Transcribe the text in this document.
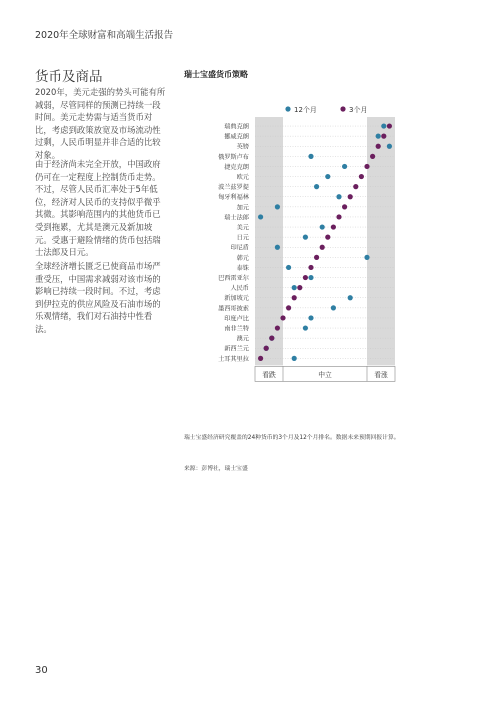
2020年全球财富和高端生活报告
货币及商品

2020年，美元走强的势头可能有所减弱，尽管同样的预测已持续一段时间。美元走势需与适当货币对比，考虑到政策放宽及市场流动性过剩，人民币明显并非合适的比较对象。

由于经济尚未完全开放，中国政府仍可在一定程度上控制货币走势。不过，尽管人民币汇率处于5年低位，经济对人民币的支持似乎微乎其微。其影响范围内的其他货币已受到拖累，尤其是澳元及新加坡元。受惠于避险情绪的货币包括瑞士法郎及日元。

全球经济增长匮乏已使商品市场严重受压，中国需求减弱对该市场的影响已持续一段时间。不过，考虑到伊拉克的供应风险及石油市场的乐观情绪，我们对石油持中性看法。

瑞士宝盛货币策略
12个月	3个月
瑞典克朗
挪威克朗
英镑
俄罗斯卢布
捷克克朗
欧元
波兰兹罗提
匈牙利福林
加元
瑞士法郎
美元
日元
印尼盾
韩元
泰铢
巴西雷亚尔
人民币
新加坡元
墨西哥披索
印度卢比
南非兰特
澳元
新西兰元
土耳其里拉
看跌	中立	看涨
瑞士宝盛经济研究覆盖的24种货币的3个月及12个月排名。数据未来预期回报计算。
来源：彭博社，瑞士宝盛
30
